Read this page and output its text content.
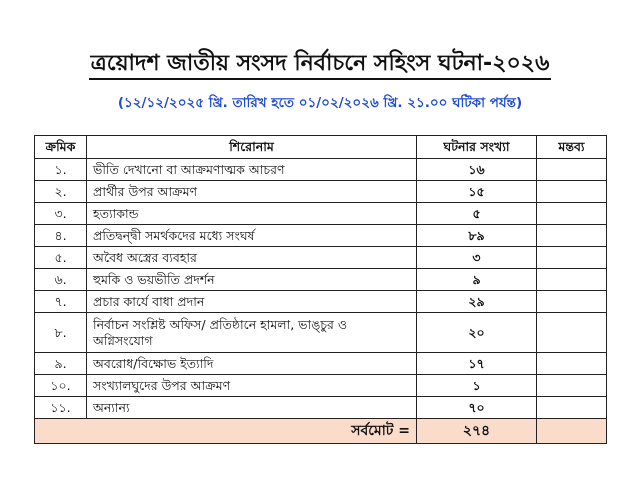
ত্রয়োদশ জাতীয় সংসদ নির্বাচনে সহিংস ঘটনা-২০২৬
(১২/১২/২০২৫ খ্রি. তারিখ হতে ০১/০২/২০২৬ খ্রি. ২১.০০ ঘটিকা পর্যন্ত)
ক্রমিক	শিরোনাম	ঘটনার সংখ্যা	মন্তব্য
১.	ভীতি দেখানো বা আক্রমণাত্মক আচরণ	১৬	
২.	প্রার্থীর উপর আক্রমণ	১৫	
৩.	হত্যাকান্ড	৫	
৪.	প্রতিদ্বন্দ্বী সমর্থকদের মধ্যে সংঘর্ষ	৮৯	
৫.	অবৈধ অস্ত্রের ব্যবহার	৩	
৬.	হুমকি ও ভয়ভীতি প্রদর্শন	৯	
৭.	প্রচার কার্যে বাধা প্রদান	২৯	
৮.	নির্বাচন সংশ্লিষ্ট অফিস/ প্রতিষ্ঠানে হামলা, ভাঙ্চুর ও অগ্নিসংযোগ	২০	
৯.	অবরোধ/বিক্ষোভ ইত্যাদি	১৭	
১০.	সংখ্যালঘুদের উপর আক্রমণ	১	
১১.	অন্যান্য	৭০	
সর্বমোট =		২৭৪	
